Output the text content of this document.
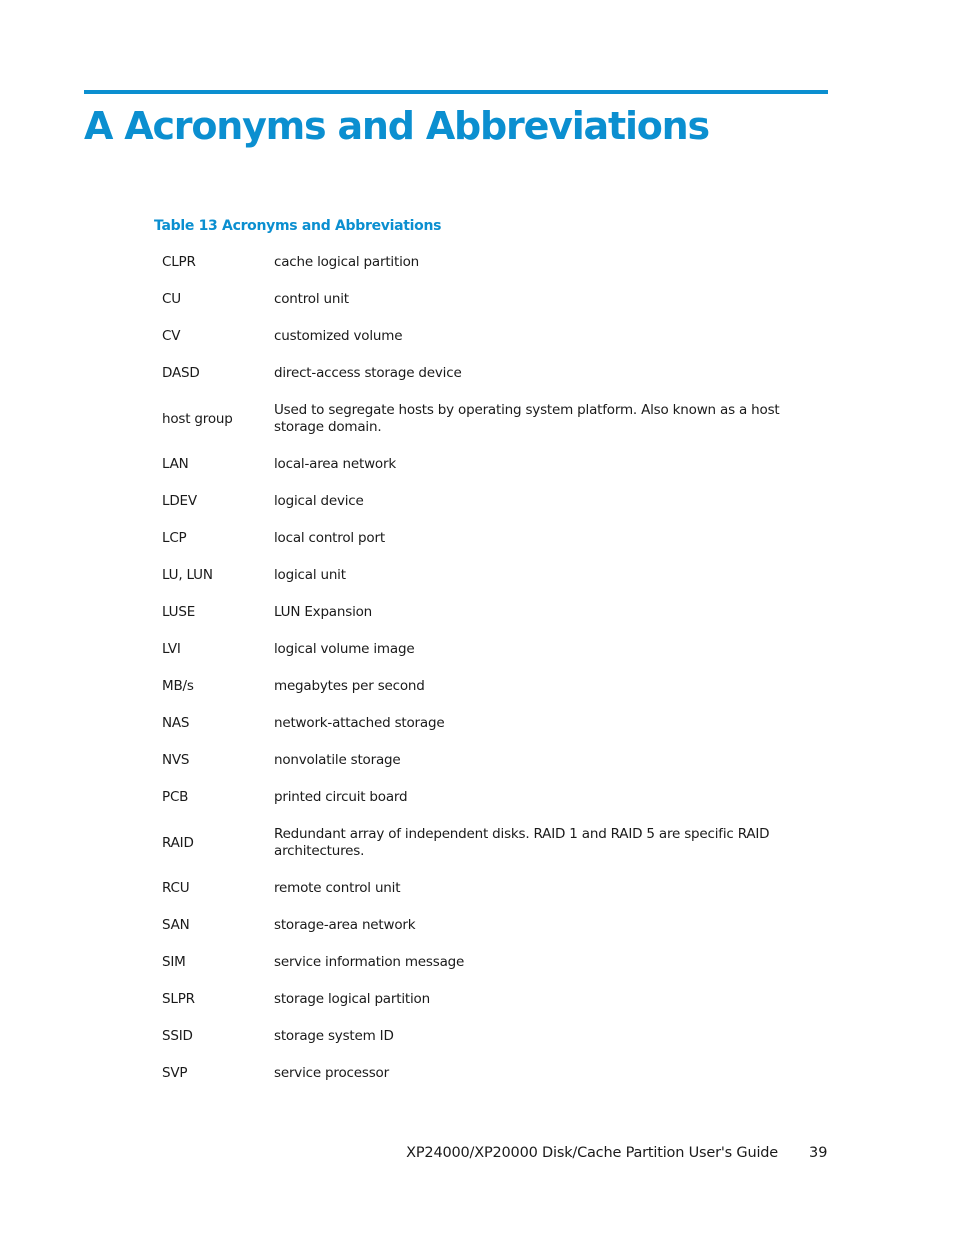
A Acronyms and Abbreviations
Table 13 Acronyms and Abbreviations
CLPR	cache logical partition
CU	control unit
CV	customized volume
DASD	direct-access storage device
host group	Used to segregate hosts by operating system platform. Also known as a host storage domain.
LAN	local-area network
LDEV	logical device
LCP	local control port
LU, LUN	logical unit
LUSE	LUN Expansion
LVI	logical volume image
MB/s	megabytes per second
NAS	network-attached storage
NVS	nonvolatile storage
PCB	printed circuit board
RAID	Redundant array of independent disks. RAID 1 and RAID 5 are specific RAID architectures.
RCU	remote control unit
SAN	storage-area network
SIM	service information message
SLPR	storage logical partition
SSID	storage system ID
SVP	service processor
XP24000/XP20000 Disk/Cache Partition User's Guide 39
